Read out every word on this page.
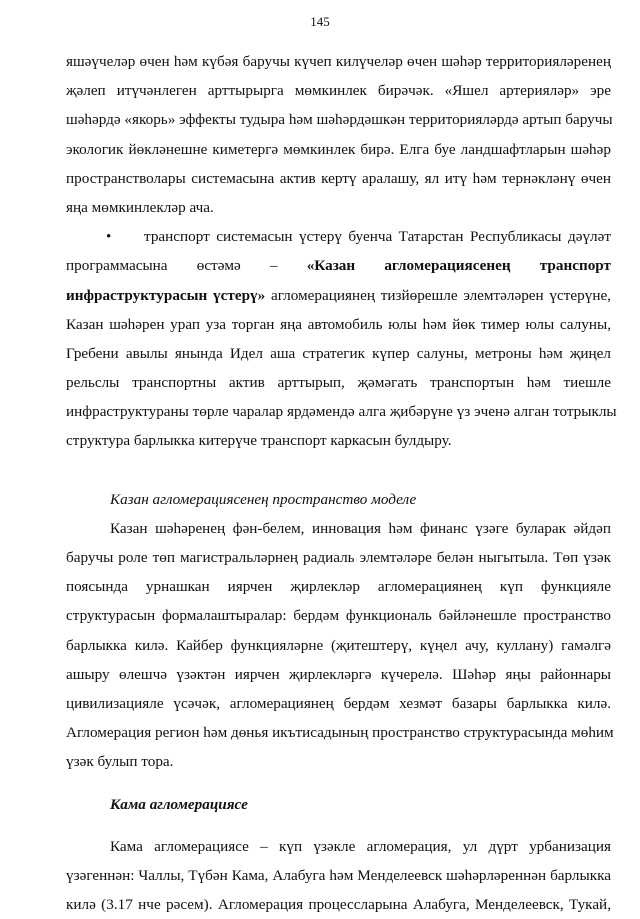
145
яшәүчеләр өчен һәм күбәя баручы күчеп килүчеләр өчен шәһәр территорияләренең
җәлеп итүчәнлеген арттырырга мөмкинлек бирәчәк. «Яшел артерияләр» эре
шәһәрдә «якорь» эффекты тудыра һәм шәһәрдәшкән территорияләрдә артып баручы
экологик йөкләнешне киметергә мөмкинлек бирә. Елга буе ландшафтларын шәһәр
пространстволары системасына актив кертү аралашу, ял итү һәм тернәкләнү өчен
яңа мөмкинлекләр ача.
• транспорт системасын үстерү буенча Татарстан Республикасы дәүләт
программасына өстәмә – «Казан агломерациясенең транспорт
инфраструктурасын үстерү» агломерациянең тизйөрешле элемтәләрен үстерүне,
Казан шәһәрен урап уза торган яңа автомобиль юлы һәм йөк тимер юлы салуны,
Гребени авылы янында Идел аша стратегик күпер салуны, метроны һәм җиңел
рельслы транспортны актив арттырып, җәмәгать транспортын һәм тиешле
инфраструктураны төрле чаралар ярдәмендә алга җибәрүне үз эченә алган тотрыклы
структура барлыкка китерүче транспорт каркасын булдыру.
Казан агломерациясенең пространство моделе
Казан шәһәренең фән-белем, инновация һәм финанс үзәге буларак әйдәп
баручы роле төп магистральләрнең радиаль элемтәләре белән ныгытыла. Төп үзәк
поясында урнашкан иярчен җирлекләр агломерациянең күп функцияле
структурасын формалаштыралар: бердәм функциональ бәйләнешле пространство
барлыкка килә. Кайбер функцияләрне (җитештерү, күңел ачу, куллану) гамәлгә
ашыру өлешчә үзәктән иярчен җирлекләргә күчерелә. Шәһәр яңы районнары
цивилизацияле үсәчәк, агломерациянең бердәм хезмәт базары барлыкка килә.
Агломерация регион һәм дөнья икътисадының пространство структурасында мөһим
үзәк булып тора.
Кама агломерациясе
Кама агломерациясе – күп үзәкле агломерация, ул дүрт урбанизация
үзәгеннән: Чаллы, Түбән Кама, Алабуга һәм Менделеевск шәһәрләреннән барлыкка
килә (3.17 нче рәсем). Агломерация процессларына Алабуга, Менделеевск, Тукай,
